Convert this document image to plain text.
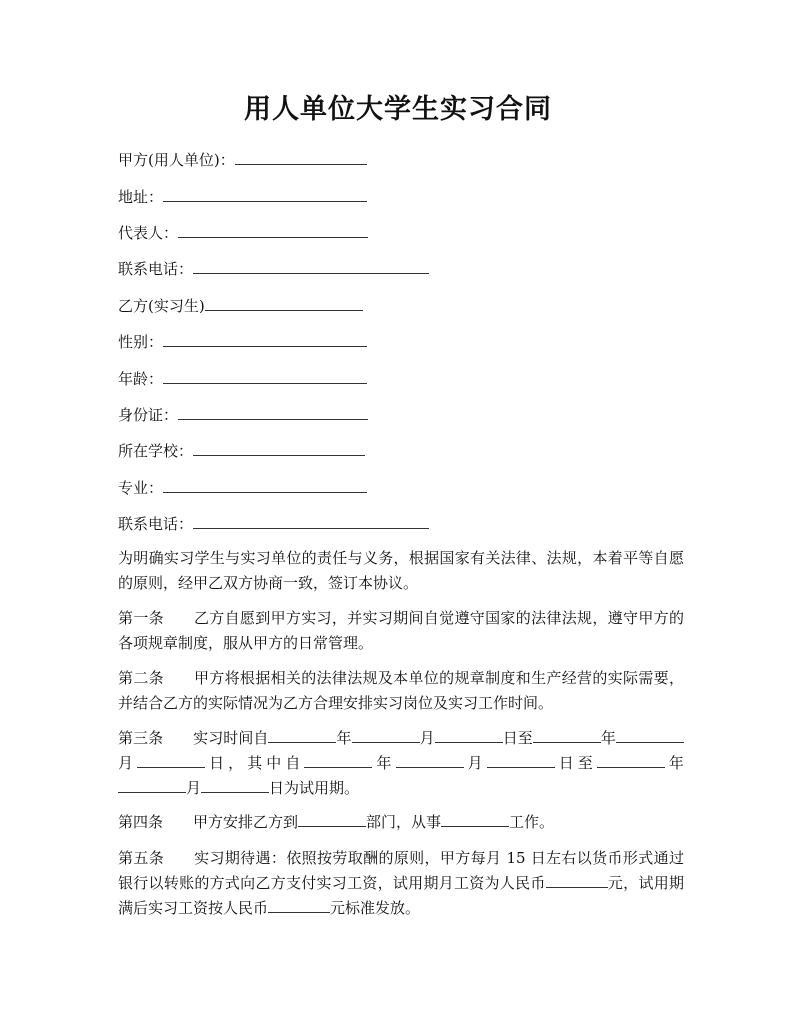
用人单位大学生实习合同
甲方(用人单位)：
地址：
代表人：
联系电话：
乙方(实习生)
性别：
年龄：
身份证：
所在学校：
专业：
联系电话：
为明确实习学生与实习单位的责任与义务，根据国家有关法律、法规，本着平等自愿的原则，经甲乙双方协商一致，签订本协议。
第一条 乙方自愿到甲方实习，并实习期间自觉遵守国家的法律法规，遵守甲方的各项规章制度，服从甲方的日常管理。
第二条 甲方将根据相关的法律法规及本单位的规章制度和生产经营的实际需要，并结合乙方的实际情况为乙方合理安排实习岗位及实习工作时间。
第三条 实习时间自	年	月	日至	年月	日，其中自	年	月	日至	年月	日为试用期。
第四条 甲方安排乙方到	部门，从事	工作。
第五条 实习期待遇：依照按劳取酬的原则，甲方每月 15 日左右以货币形式通过银行以转账的方式向乙方支付实习工资，试用期月工资为人民币	元，试用期满后实习工资按人民币	元标准发放。
